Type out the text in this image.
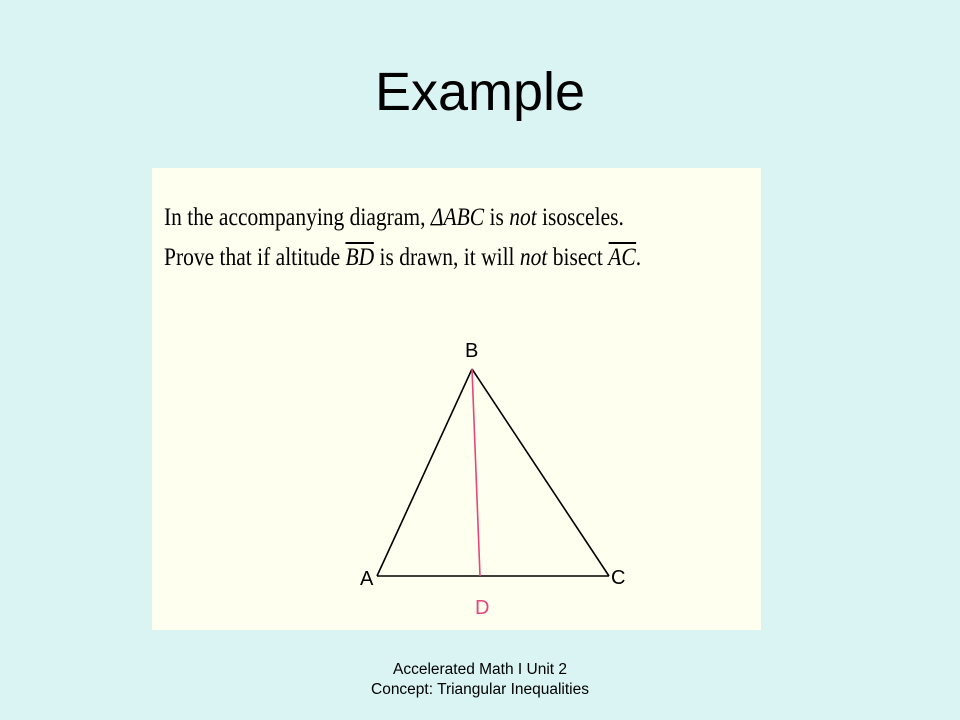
Example
In the accompanying diagram, ΔABC is not isosceles.
Prove that if altitude BD is drawn, it will not bisect AC.
B
A	C
D
Accelerated Math I Unit 2
Concept: Triangular Inequalities
